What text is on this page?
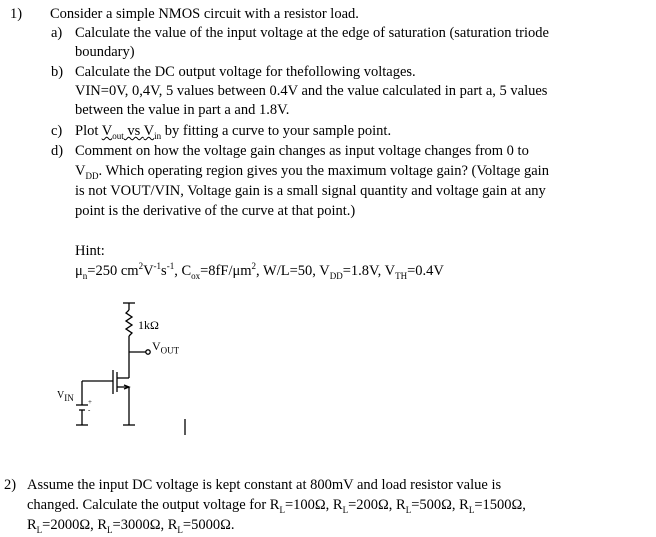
1) Consider a simple NMOS circuit with a resistor load.
a) Calculate the value of the input voltage at the edge of saturation (saturation triode
boundary)
b) Calculate the DC output voltage for thefollowing voltages.
VIN=0V, 0,4V, 5 values between 0.4V and the value calculated in part a, 5 values
between the value in part a and 1.8V.
c) Plot $V_{out}$ vs $V_{in}$ by fitting a curve to your sample point.
d) Comment on how the voltage gain changes as input voltage changes from 0 to
$V_{DD}$. Which operating region gives you the maximum voltage gain? (Voltage gain
is not VOUT/VIN, Voltage gain is a small signal quantity and voltage gain at any
point is the derivative of the curve at that point.)
Hint:
$\mu_n=250$ $cm^2V^{-1}s^{-1}$, $C_{ox}=8fF/\mu m^2$, W/L=50, $V_{DD}=1.8V$, $V_{TH}=0.4V$
+
-
1kΩ
$V_{OUT}$
$V_{IN}$
2) Assume the input DC voltage is kept constant at 800mV and load resistor value is
changed. Calculate the output voltage for $R_L=100\Omega$, $R_L=200\Omega$, $R_L=500\Omega$, $R_L=1500\Omega$,
$R_L=2000\Omega$, $R_L=3000\Omega$, $R_L=5000\Omega$.
